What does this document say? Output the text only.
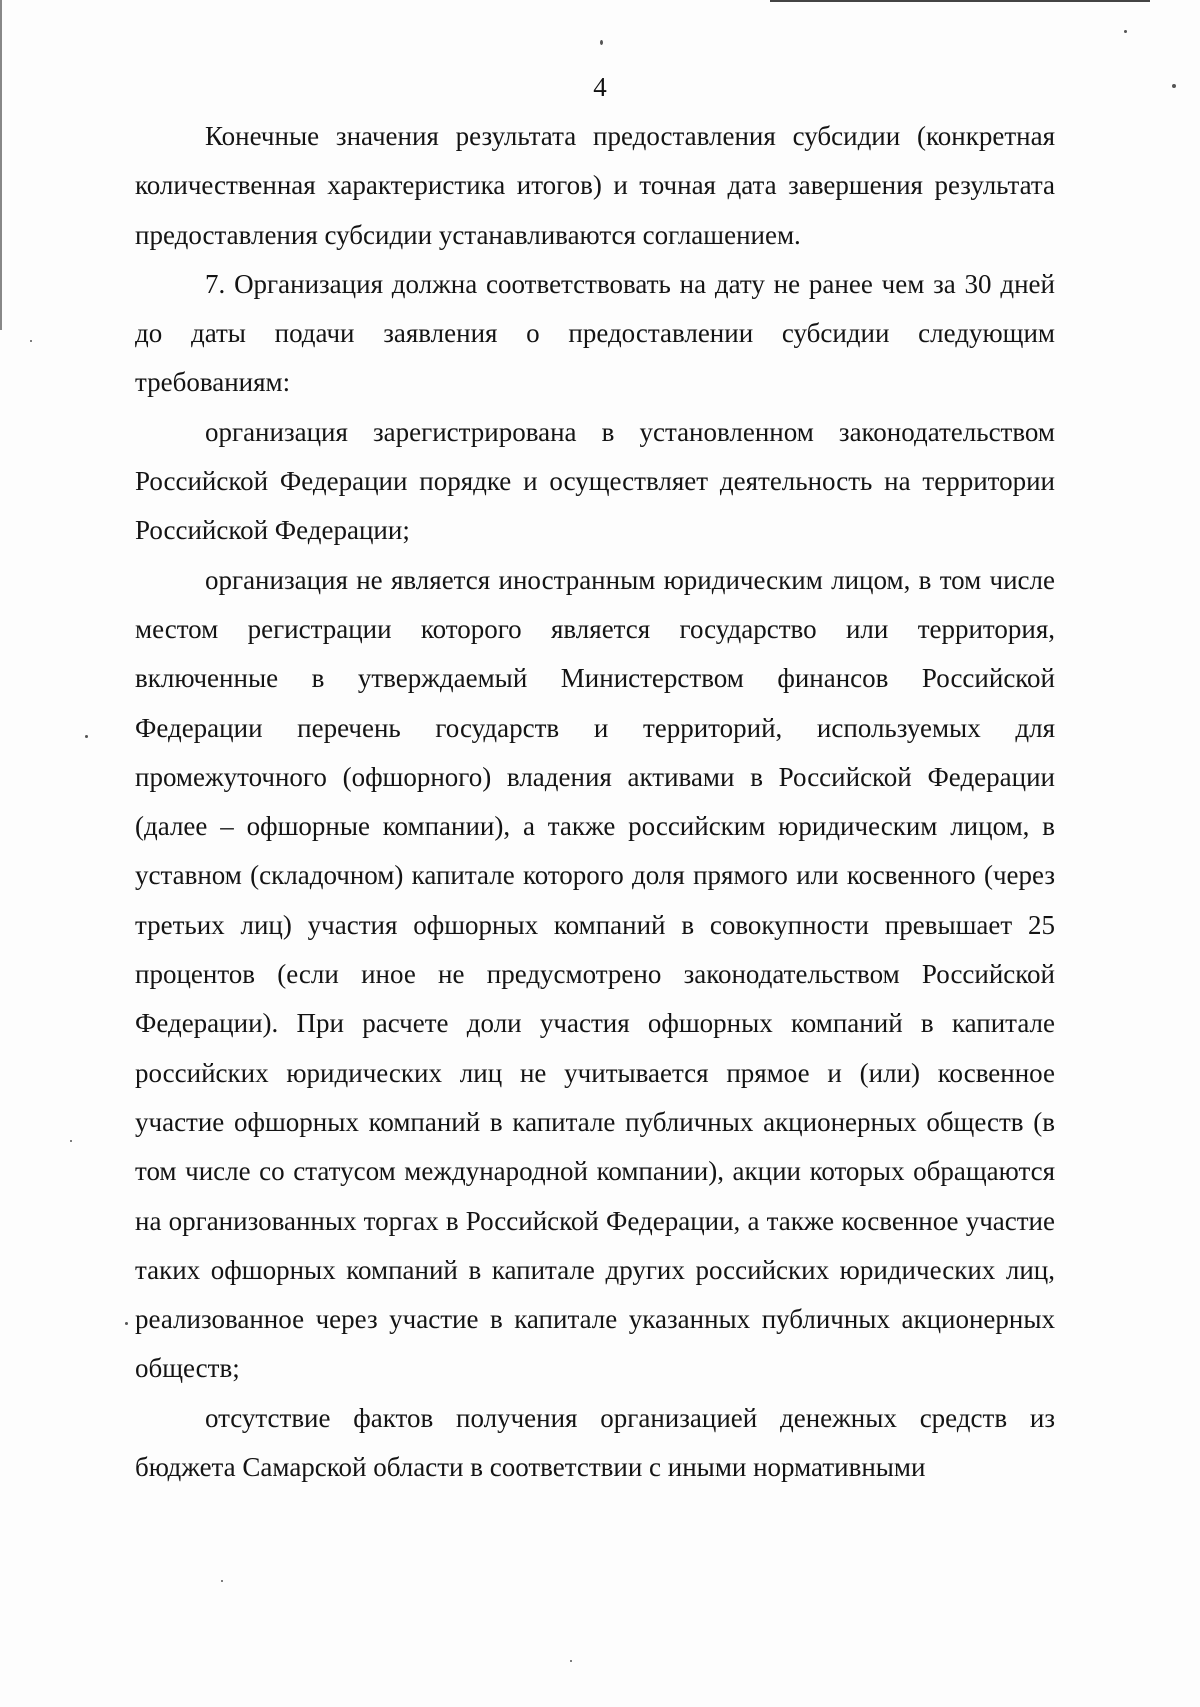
4

Конечные значения результата предоставления субсидии (конкретная количественная характеристика итогов) и точная дата завершения результата предоставления субсидии устанавливаются соглашением.

7. Организация должна соответствовать на дату не ранее чем за 30 дней до даты подачи заявления о предоставлении субсидии следующим требованиям:

организация зарегистрирована в установленном законодательством Российской Федерации порядке и осуществляет деятельность на территории Российской Федерации;

организация не является иностранным юридическим лицом, в том числе местом регистрации которого является государство или территория, включенные в утверждаемый Министерством финансов Российской Федерации перечень государств и территорий, используемых для промежуточного (офшорного) владения активами в Российской Федерации (далее – офшорные компании), а также российским юридическим лицом, в уставном (складочном) капитале которого доля прямого или косвенного (через третьих лиц) участия офшорных компаний в совокупности превышает 25 процентов (если иное не предусмотрено законодательством Российской Федерации). При расчете доли участия офшорных компаний в капитале российских юридических лиц не учитывается прямое и (или) косвенное участие офшорных компаний в капитале публичных акционерных обществ (в том числе со статусом международной компании), акции которых обращаются на организованных торгах в Российской Федерации, а также косвенное участие таких офшорных компаний в капитале других российских юридических лиц, реализованное через участие в капитале указанных публичных акционерных обществ;

отсутствие фактов получения организацией денежных средств из бюджета Самарской области в соответствии с иными нормативными
